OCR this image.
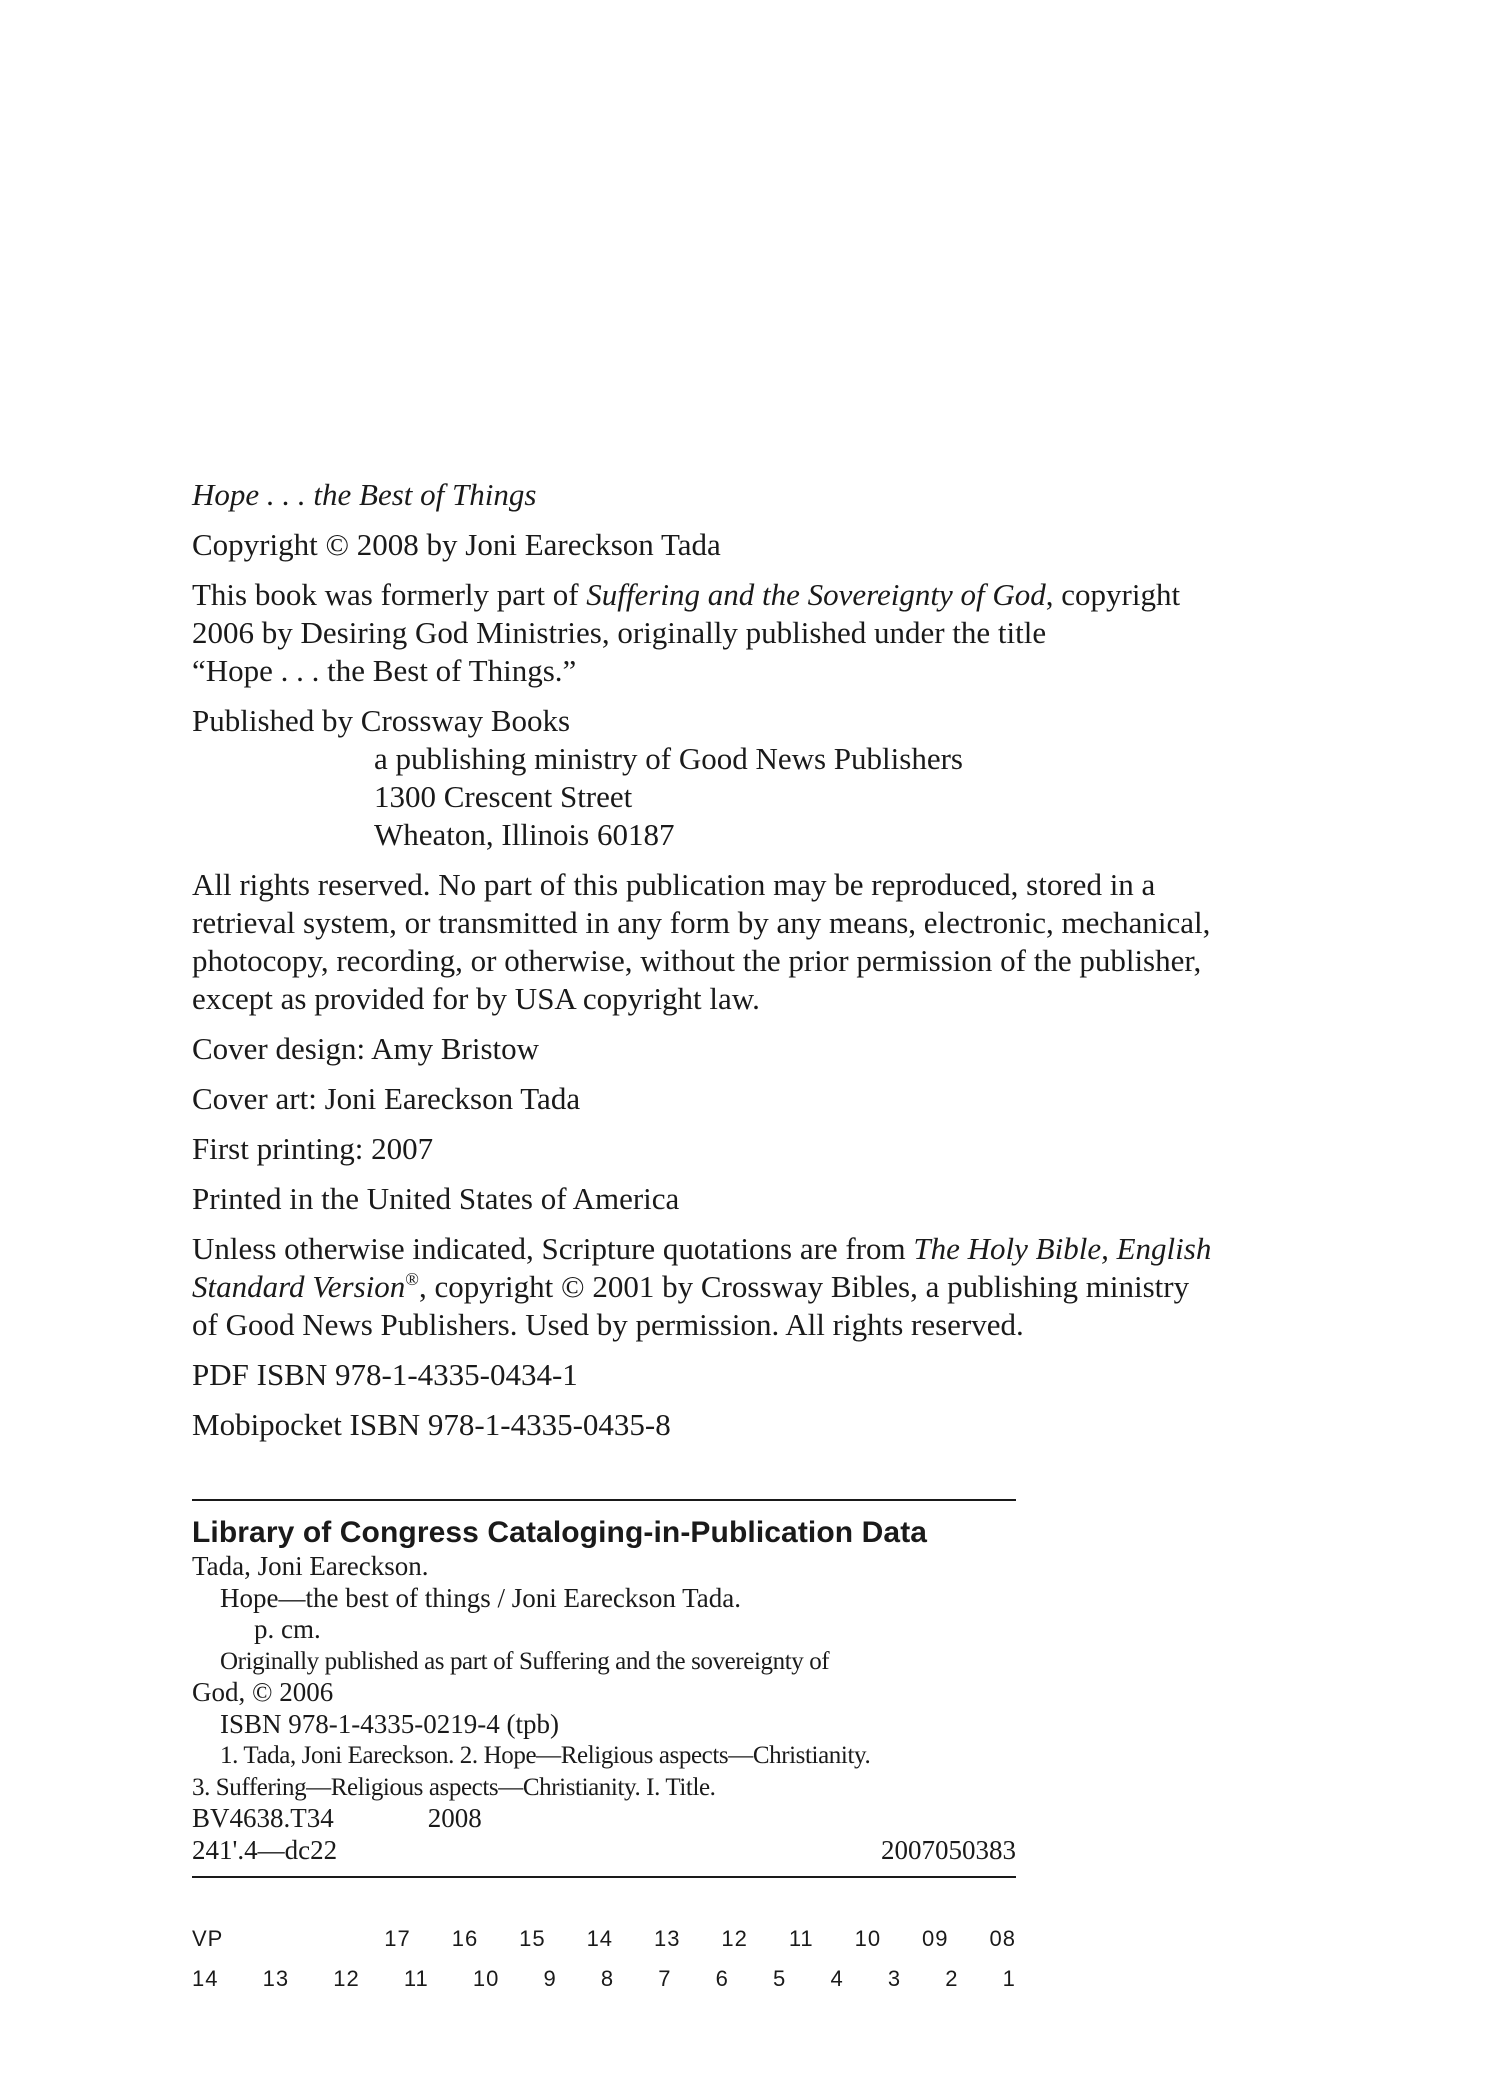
Hope . . . the Best of Things

Copyright © 2008 by Joni Eareckson Tada

This book was formerly part of Suffering and the Sovereignty of God, copyright
2006 by Desiring God Ministries, originally published under the title
“Hope . . . the Best of Things.”
Published by Crossway Books
a publishing ministry of Good News Publishers
1300 Crescent Street
Wheaton, Illinois 60187
All rights reserved. No part of this publication may be reproduced, stored in a
retrieval system, or transmitted in any form by any means, electronic, mechanical,
photocopy, recording, or otherwise, without the prior permission of the publisher,
except as provided for by USA copyright law.

Cover design: Amy Bristow

Cover art: Joni Eareckson Tada

First printing: 2007

Printed in the United States of America

Unless otherwise indicated, Scripture quotations are from The Holy Bible, English
Standard Version®, copyright © 2001 by Crossway Bibles, a publishing ministry
of Good News Publishers. Used by permission. All rights reserved.

PDF ISBN 978-1-4335-0434-1

Mobipocket ISBN 978-1-4335-0435-8

Library of Congress Cataloging-in-Publication Data
Tada, Joni Eareckson.
Hope—the best of things / Joni Eareckson Tada.
p. cm.
Originally published as part of Suffering and the sovereignty of
God, © 2006
ISBN 978-1-4335-0219-4 (tpb)
1. Tada, Joni Eareckson. 2. Hope—Religious aspects—Christianity.
3. Suffering—Religious aspects—Christianity. I. Title.
BV4638.T34	2008
241'.4—dc22	2007050383
VP	17 16 15 14 13 12 11 10 09 08
14 13 12 11 10 9 8 7 6 5 4 3 2 1
